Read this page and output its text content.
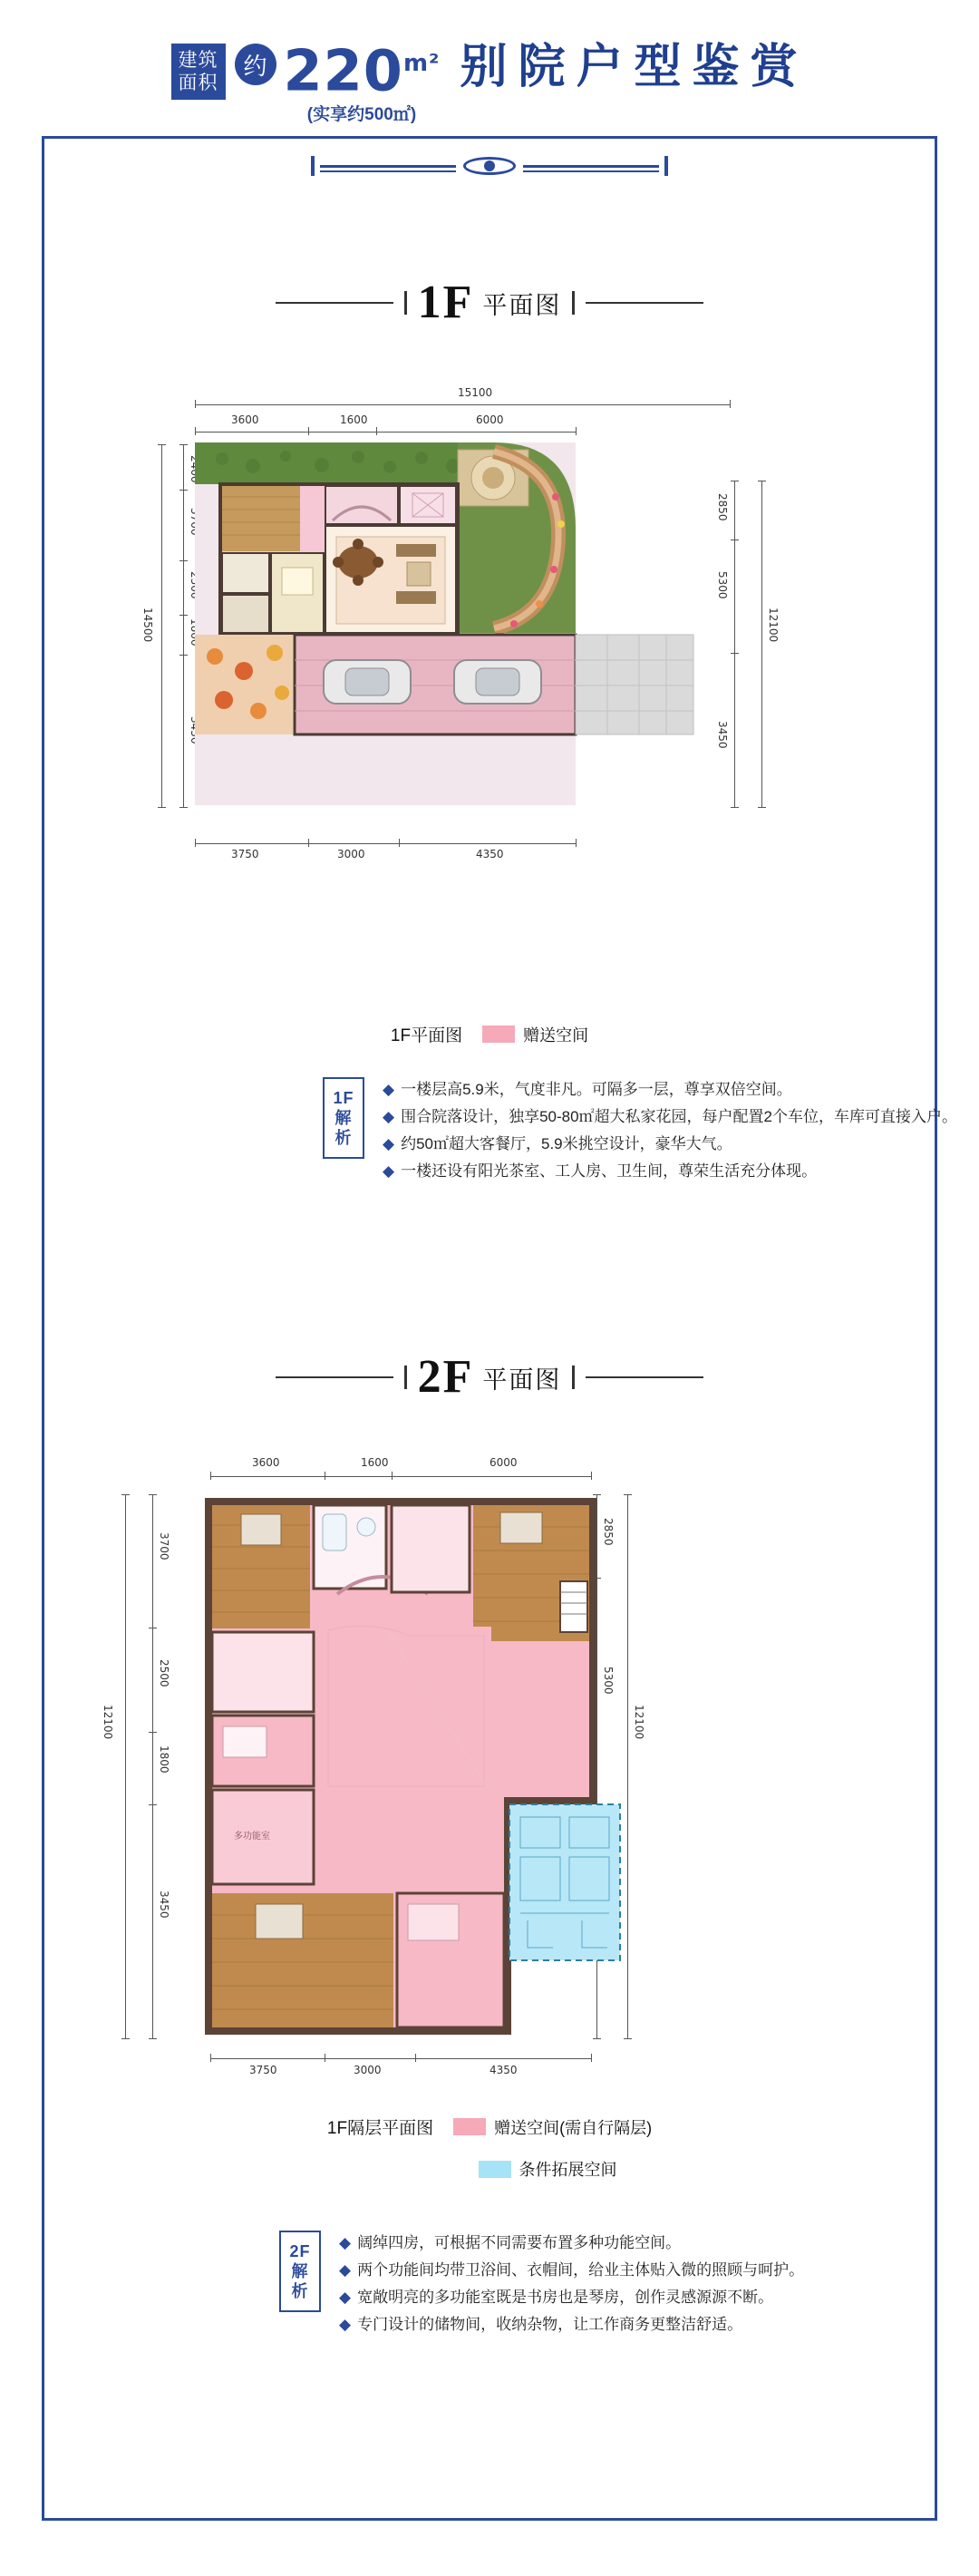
建筑
面积
约 $220^{m^2}$
(实享约500㎡)
别院户型鉴赏
1F 平面图
15100
3600	1600	6000
14500
2850
5300
3450
12100
3750	3000	4350
1F平面图	赠送空间
1F
解
析
◆ 一楼层高5.9米，气度非凡。可隔多一层，尊享双倍空间。
◆ 围合院落设计，独享50-80㎡超大私家花园，每户配置2个车位，车库可直接入户。
◆ 约50㎡超大客餐厅，5.9米挑空设计，豪华大气。
◆ 一楼还设有阳光茶室、工人房、卫生间，尊荣生活充分体现。
2F 平面图
3600	1600	6000
12100
3700
2500
1800
3450
2850
5300
12100
3750	3000	4350
多功能室
1F隔层平面图	赠送空间(需自行隔层)
条件拓展空间
2F
解
析
◆ 阔绰四房，可根据不同需要布置多种功能空间。
◆ 两个功能间均带卫浴间、衣帽间，给业主体贴入微的照顾与呵护。
◆ 宽敞明亮的多功能室既是书房也是琴房，创作灵感源源不断。
◆ 专门设计的储物间，收纳杂物，让工作商务更整洁舒适。
